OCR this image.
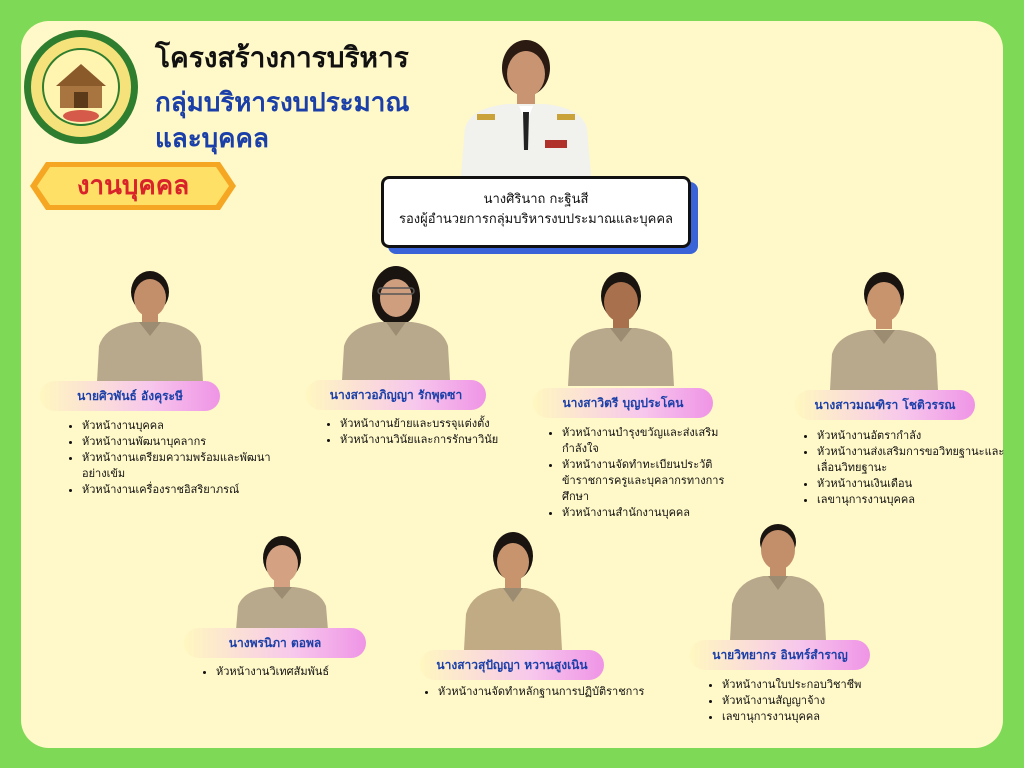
โครงสร้างการบริหาร
กลุ่มบริหารงบประมาณ
และบุคคล
งานบุคคล	นางศิรินาถ กะฐินสี
รองผู้อำนวยการกลุ่มบริหารงบประมาณและบุคคล
นายศิวพันธ์ อังคุระษี
• หัวหน้างานบุคคล
• หัวหน้างานพัฒนาบุคลากร
• หัวหน้างานเตรียมความพร้อมและพัฒนาอย่างเข้ม
• หัวหน้างานเครื่องราชอิสริยาภรณ์
นางสาวอภิญญา รักพุดซา
• หัวหน้างานย้ายและบรรจุแต่งตั้ง
• หัวหน้างานวินัยและการรักษาวินัย
นางสาวิตรี บุญประโคน
• หัวหน้างานบำรุงขวัญและส่งเสริมกำลังใจ
• หัวหน้างานจัดทำทะเบียนประวัติข้าราชการครูและบุคลากรทางการศึกษา
• หัวหน้างานสำนักงานบุคคล
นางสาวมณฑิรา โชติวรรณ
• หัวหน้างานอัตรากำลัง
• หัวหน้างานส่งเสริมการขอวิทยฐานะและเลื่อนวิทยฐานะ
• หัวหน้างานเงินเดือน
• เลขานุการงานบุคคล
นางพรนิภา ตอพล
• หัวหน้างานวิเทศสัมพันธ์	นางสาวสุปัญญา หวานสูงเนิน
• หัวหน้างานจัดทำหลักฐานการปฏิบัติราชการ
นายวิทยากร อินทร์สำราญ
• หัวหน้างานใบประกอบวิชาชีพ
• หัวหน้างานสัญญาจ้าง
• เลขานุการงานบุคคล
